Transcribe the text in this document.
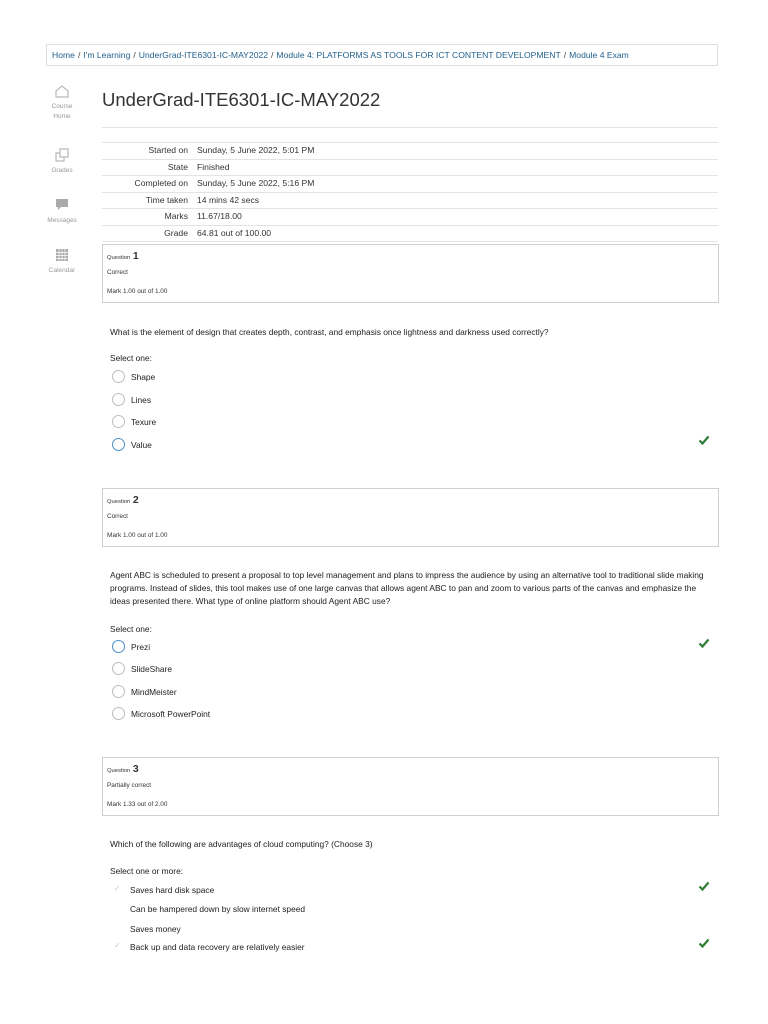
Home / I'm Learning / UnderGrad-ITE6301-IC-MAY2022 / Module 4: PLATFORMS AS TOOLS FOR ICT CONTENT DEVELOPMENT / Module 4 Exam
Course
Home
Grades
Messages
Calendar
UnderGrad-ITE6301-IC-MAY2022
Started on Sunday, 5 June 2022, 5:01 PM
State Finished
Completed on Sunday, 5 June 2022, 5:16 PM
Time taken 14 mins 42 secs
Marks 11.67/18.00
Grade 64.81 out of 100.00
Question 1
Correct
Mark 1.00 out of 1.00

What is the element of design that creates depth, contrast, and emphasis once lightness and darkness used correctly?

Select one:
Shape
Lines
Texure
Value
Question 2
Correct
Mark 1.00 out of 1.00

Agent ABC is scheduled to present a proposal to top level management and plans to impress the audience by using an alternative tool to traditional slide making programs. Instead of slides, this tool makes use of one large canvas that allows agent ABC to pan and zoom to various parts of the canvas and emphasize the ideas presented there. What type of online platform should Agent ABC use?

Select one:
Prezi
SlideShare
MindMeister
Microsoft PowerPoint
Question 3
Partially correct
Mark 1.33 out of 2.00

Which of the following are advantages of cloud computing? (Choose 3)

Select one or more:
✓ Saves hard disk space
Can be hampered down by slow internet speed
Saves money
✓ Back up and data recovery are relatively easier
